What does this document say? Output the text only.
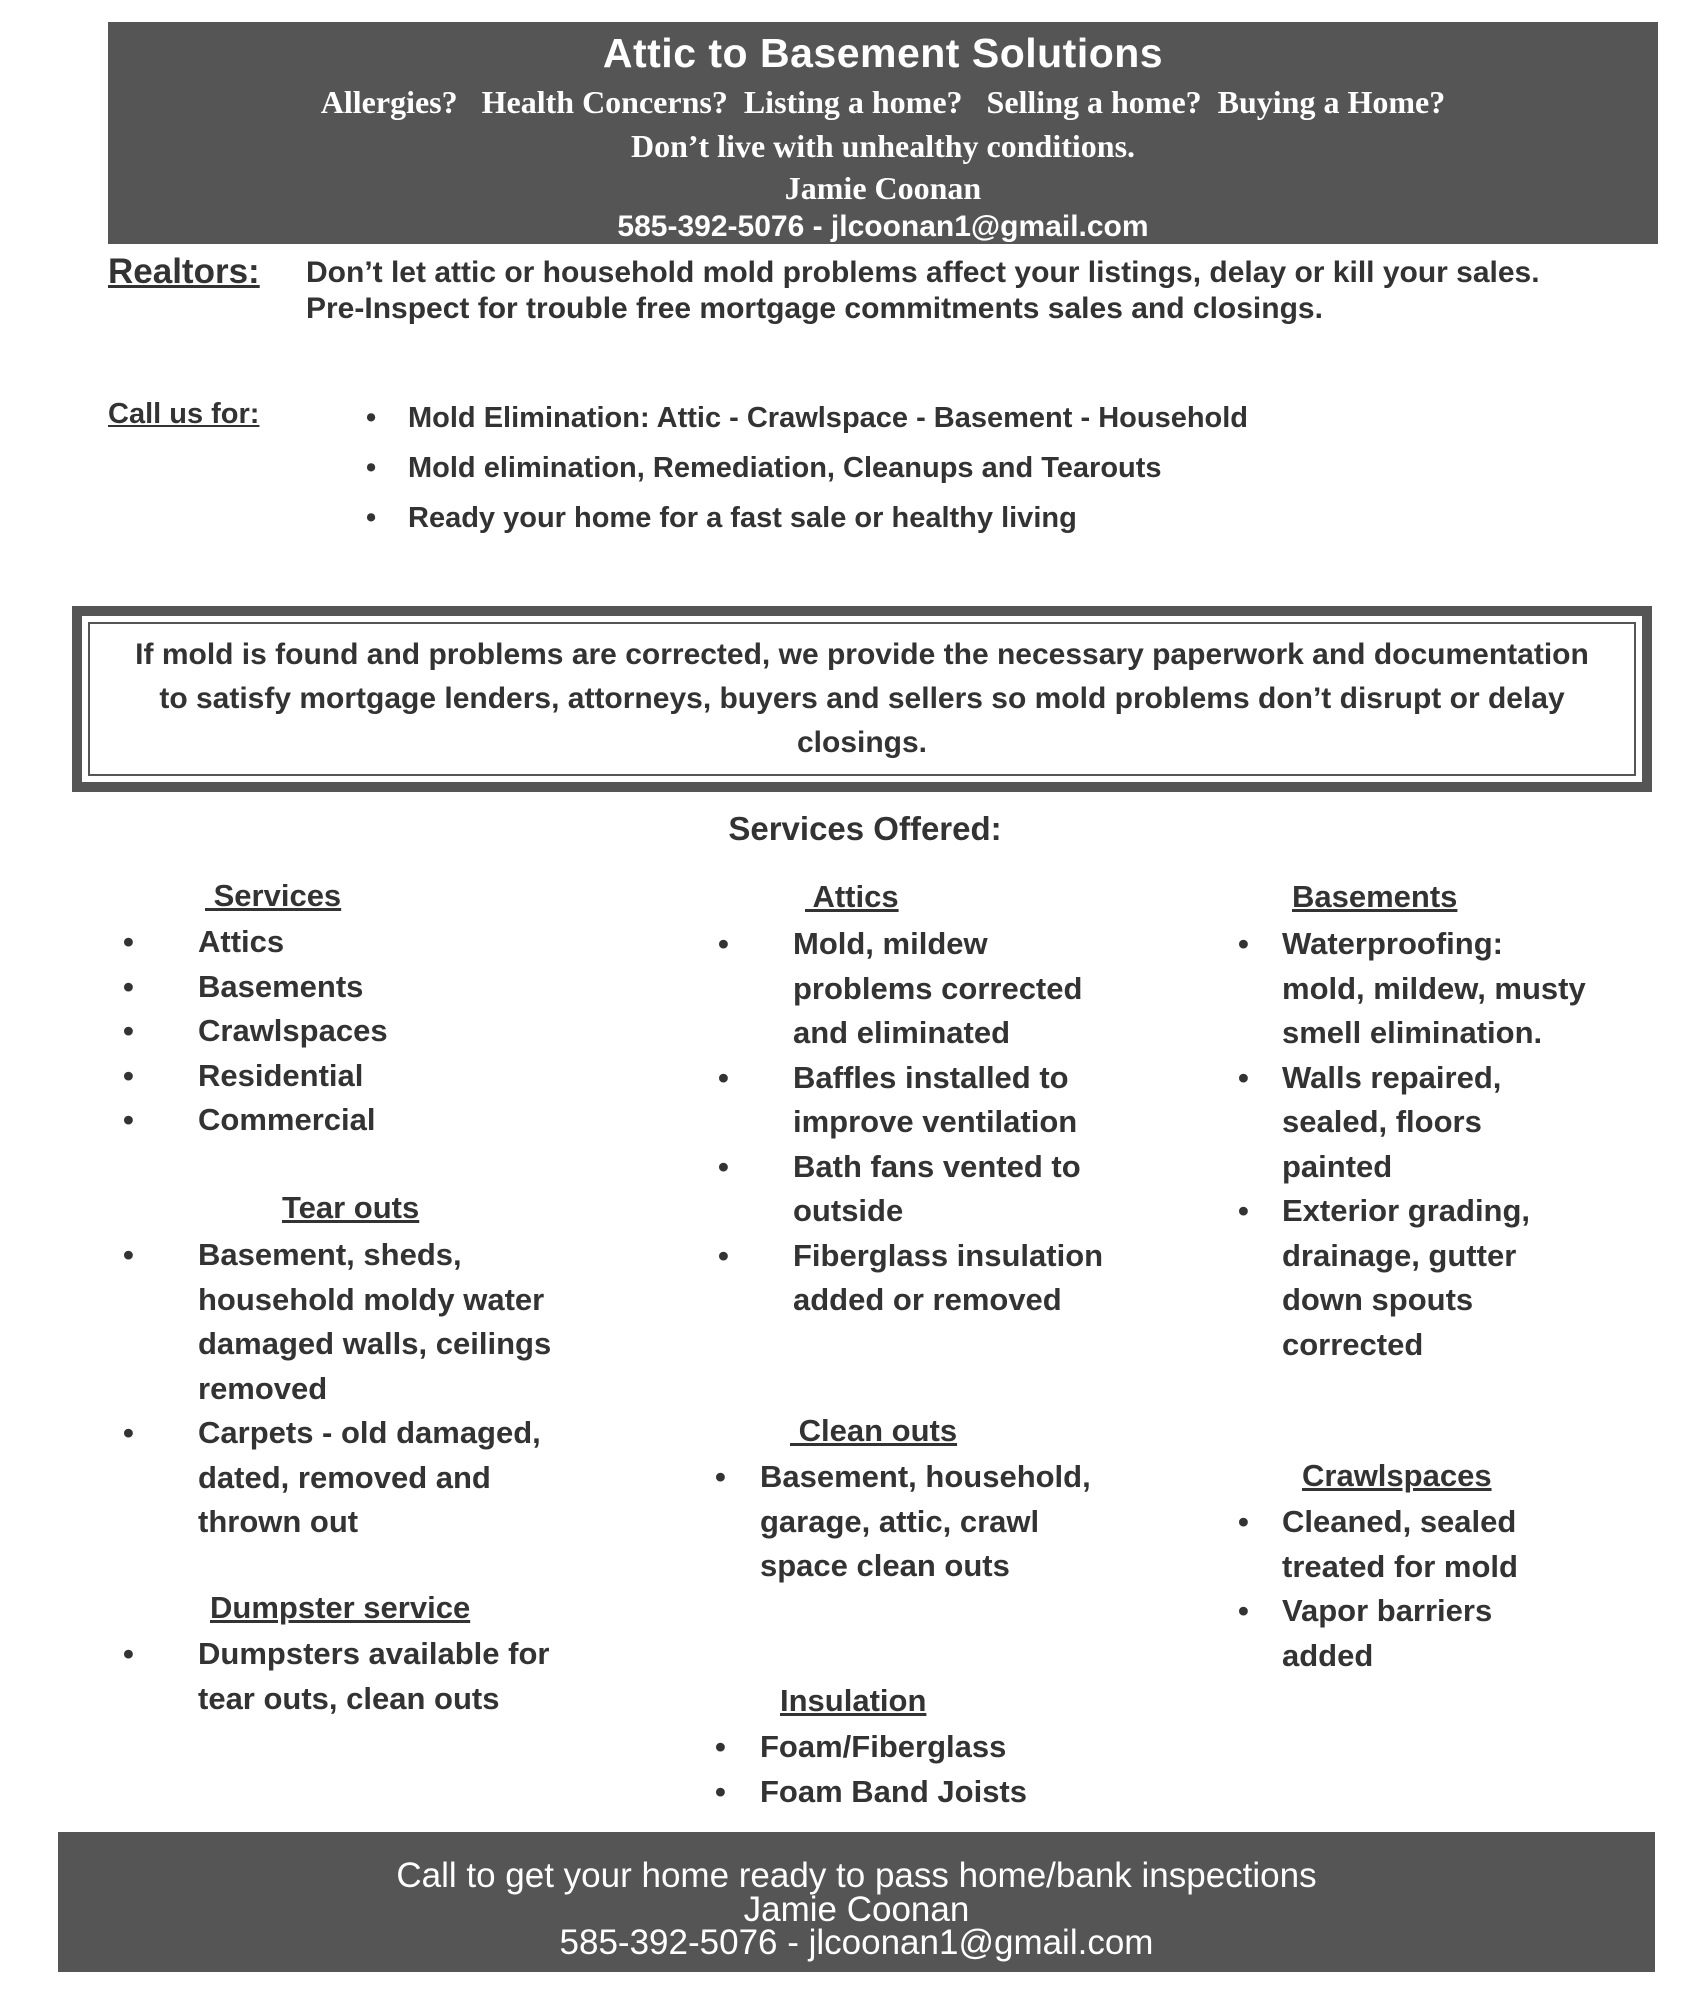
Attic to Basement Solutions
Allergies?   Health Concerns?  Listing a home?   Selling a home?  Buying a Home?
Don’t live with unhealthy conditions.
Jamie Coonan
585-392-5076 - jlcoonan1@gmail.com
Realtors: Don’t let attic or household mold problems affect your listings, delay or kill your sales. Pre-Inspect for trouble free mortgage commitments sales and closings.
Call us for:
•	Mold Elimination: Attic - Crawlspace - Basement - Household
• Mold elimination, Remediation, Cleanups and Tearouts
• Ready your home for a fast sale or healthy living
If mold is found and problems are corrected, we provide the necessary paperwork and documentation to satisfy mortgage lenders, attorneys, buyers and sellers so mold problems don’t disrupt or delay closings.
Services Offered:
Services
• Attics
• Basements
• Crawlspaces
• Residential
• Commercial
Tear outs
• Basement, sheds, household moldy water damaged walls, ceilings removed
• Carpets - old damaged, dated, removed and thrown out
Dumpster service
• Dumpsters available for tear outs, clean outs
Attics
• Mold, mildew problems corrected and eliminated
• Baffles installed to improve ventilation
• Bath fans vented to outside
• Fiberglass insulation added or removed
Clean outs
• Basement, household, garage, attic, crawl space clean outs
Insulation
• Foam/Fiberglass
• Foam Band Joists
Basements
• Waterproofing: mold, mildew, musty smell elimination.
• Walls repaired, sealed, floors painted
• Exterior grading, drainage, gutter down spouts corrected
Crawlspaces
• Cleaned, sealed treated for mold
• Vapor barriers added
Call to get your home ready to pass home/bank inspections
Jamie Coonan
585-392-5076 - jlcoonan1@gmail.com
